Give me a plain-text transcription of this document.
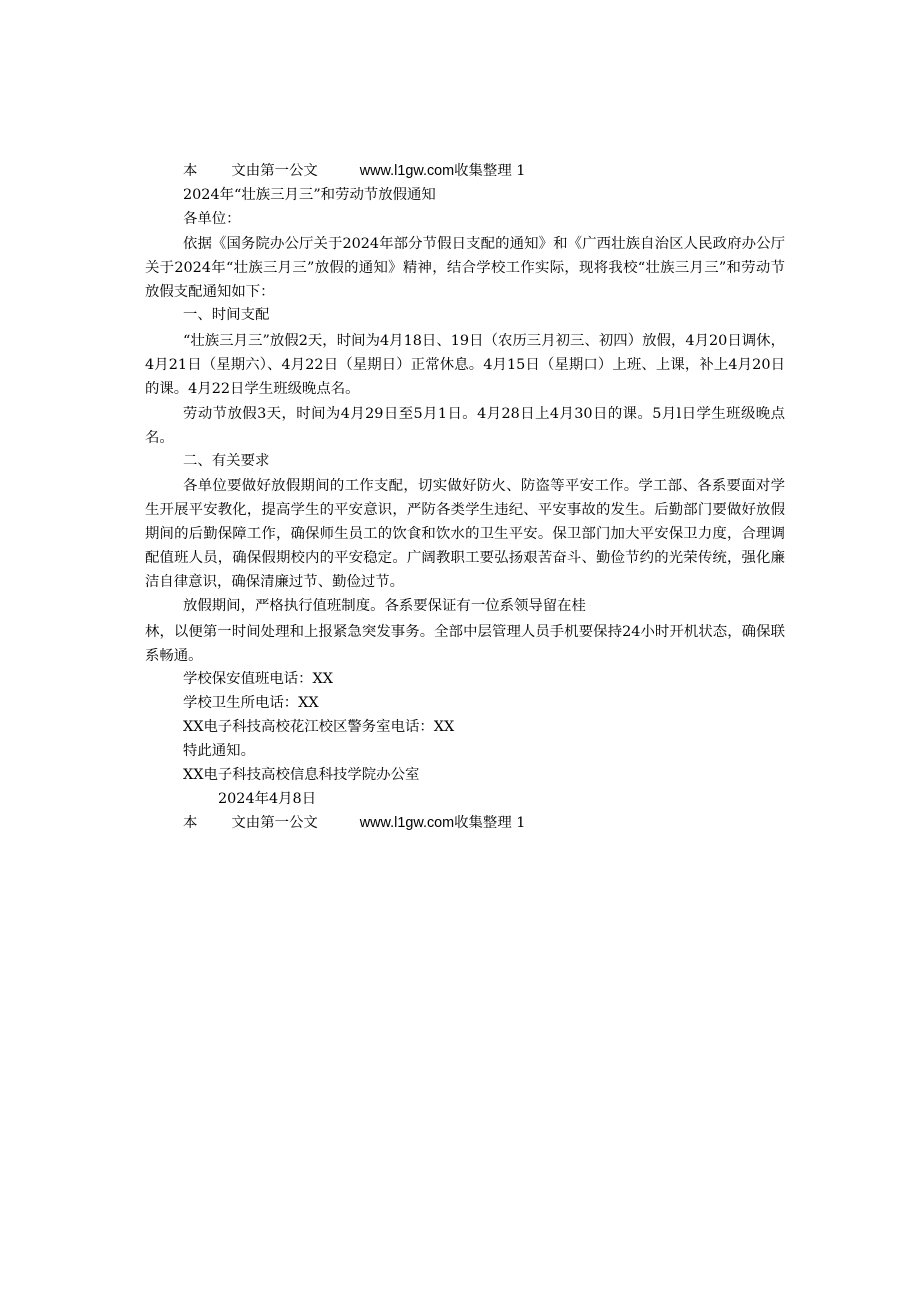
本 文由第一公文	www.l1gw.com收集整理 1
2024年“壮族三月三”和劳动节放假通知
各单位：
依据《国务院办公厅关于2024年部分节假日支配的通知》和《广西壮族自治区人民政府办公厅关于2024年“壮族三月三”放假的通知》精神，结合学校工作实际，现将我校“壮族三月三”和劳动节放假支配通知如下：
一、时间支配
“壮族三月三”放假2天，时间为4月18日、19日（农历三月初三、初四）放假，4月20日调休，4月21日（星期六）、4月22日（星期日）正常休息。4月15日（星期口）上班、上课，补上4月20日的课。4月22日学生班级晚点名。
劳动节放假3天，时间为4月29日至5月1日。4月28日上4月30日的课。5月l日学生班级晚点名。
二、有关要求
各单位要做好放假期间的工作支配，切实做好防火、防盗等平安工作。学工部、各系要面对学生开展平安教化，提高学生的平安意识，严防各类学生违纪、平安事故的发生。后勤部门要做好放假期间的后勤保障工作，确保师生员工的饮食和饮水的卫生平安。保卫部门加大平安保卫力度，合理调配值班人员，确保假期校内的平安稳定。广阔教职工要弘扬艰苦奋斗、勤俭节约的光荣传统，强化廉洁自律意识，确保清廉过节、勤俭过节。
放假期间，严格执行值班制度。各系要保证有一位系领导留在桂
林，以便第一时间处理和上报紧急突发事务。全部中层管理人员手机要保持24小时开机状态，确保联系畅通。
学校保安值班电话：XX
学校卫生所电话：XX
XX电子科技高校花江校区警务室电话：XX
特此通知。
XX电子科技高校信息科技学院办公室
2024年4月8日
本 文由第一公文	www.l1gw.com收集整理 1
